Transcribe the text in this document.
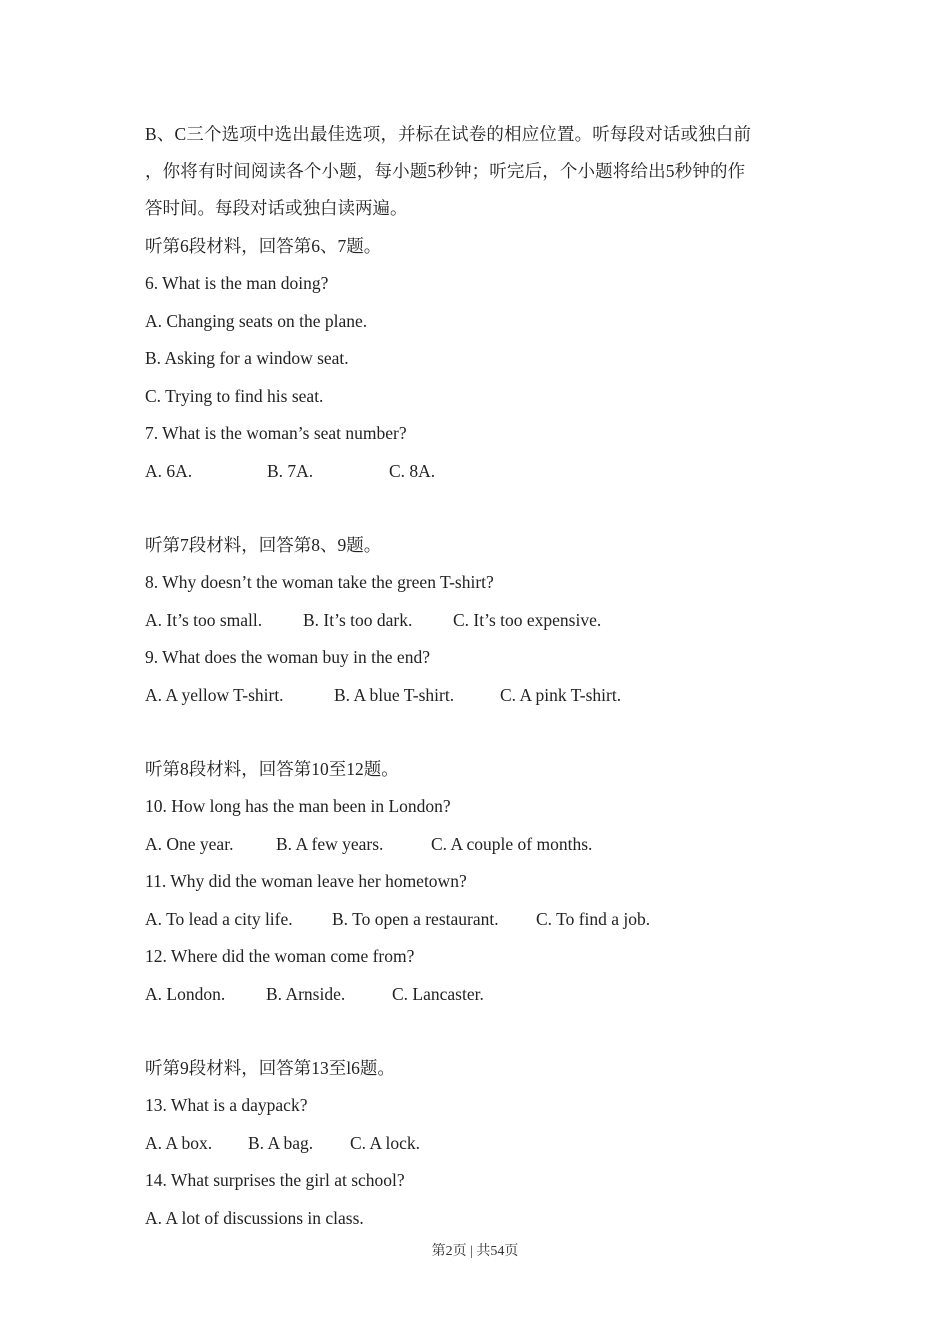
B、C三个选项中选出最佳选项，并标在试卷的相应位置。听每段对话或独白前
，你将有时间阅读各个小题，每小题5秒钟；听完后，个小题将给出5秒钟的作
答时间。每段对话或独白读两遍。
听第6段材料，回答第6、7题。
6. What is the man doing?
A. Changing seats on the plane.
B. Asking for a window seat.
C. Trying to find his seat.
7. What is the woman’s seat number?
A. 6A.	B. 7A.	C. 8A.
听第7段材料，回答第8、9题。
8. Why doesn’t the woman take the green T-shirt?
A. It’s too small. B. It’s too dark. C. It’s too expensive.
9. What does the woman buy in the end?
A. A yellow T-shirt.	B. A blue T-shirt.	C. A pink T-shirt.
听第8段材料，回答第10至12题。
10. How long has the man been in London?
A. One year. B. A few years.	C. A couple of months.
11. Why did the woman leave her hometown?
A. To lead a city life. B. To open a restaurant. C. To find a job.
12. Where did the woman come from?
A. London. B. Arnside.	C. Lancaster.
听第9段材料，回答第13至l6题。
13. What is a daypack?
A. A box. B. A bag. C. A lock.
14. What surprises the girl at school?
A. A lot of discussions in class.
第2页 | 共54页
